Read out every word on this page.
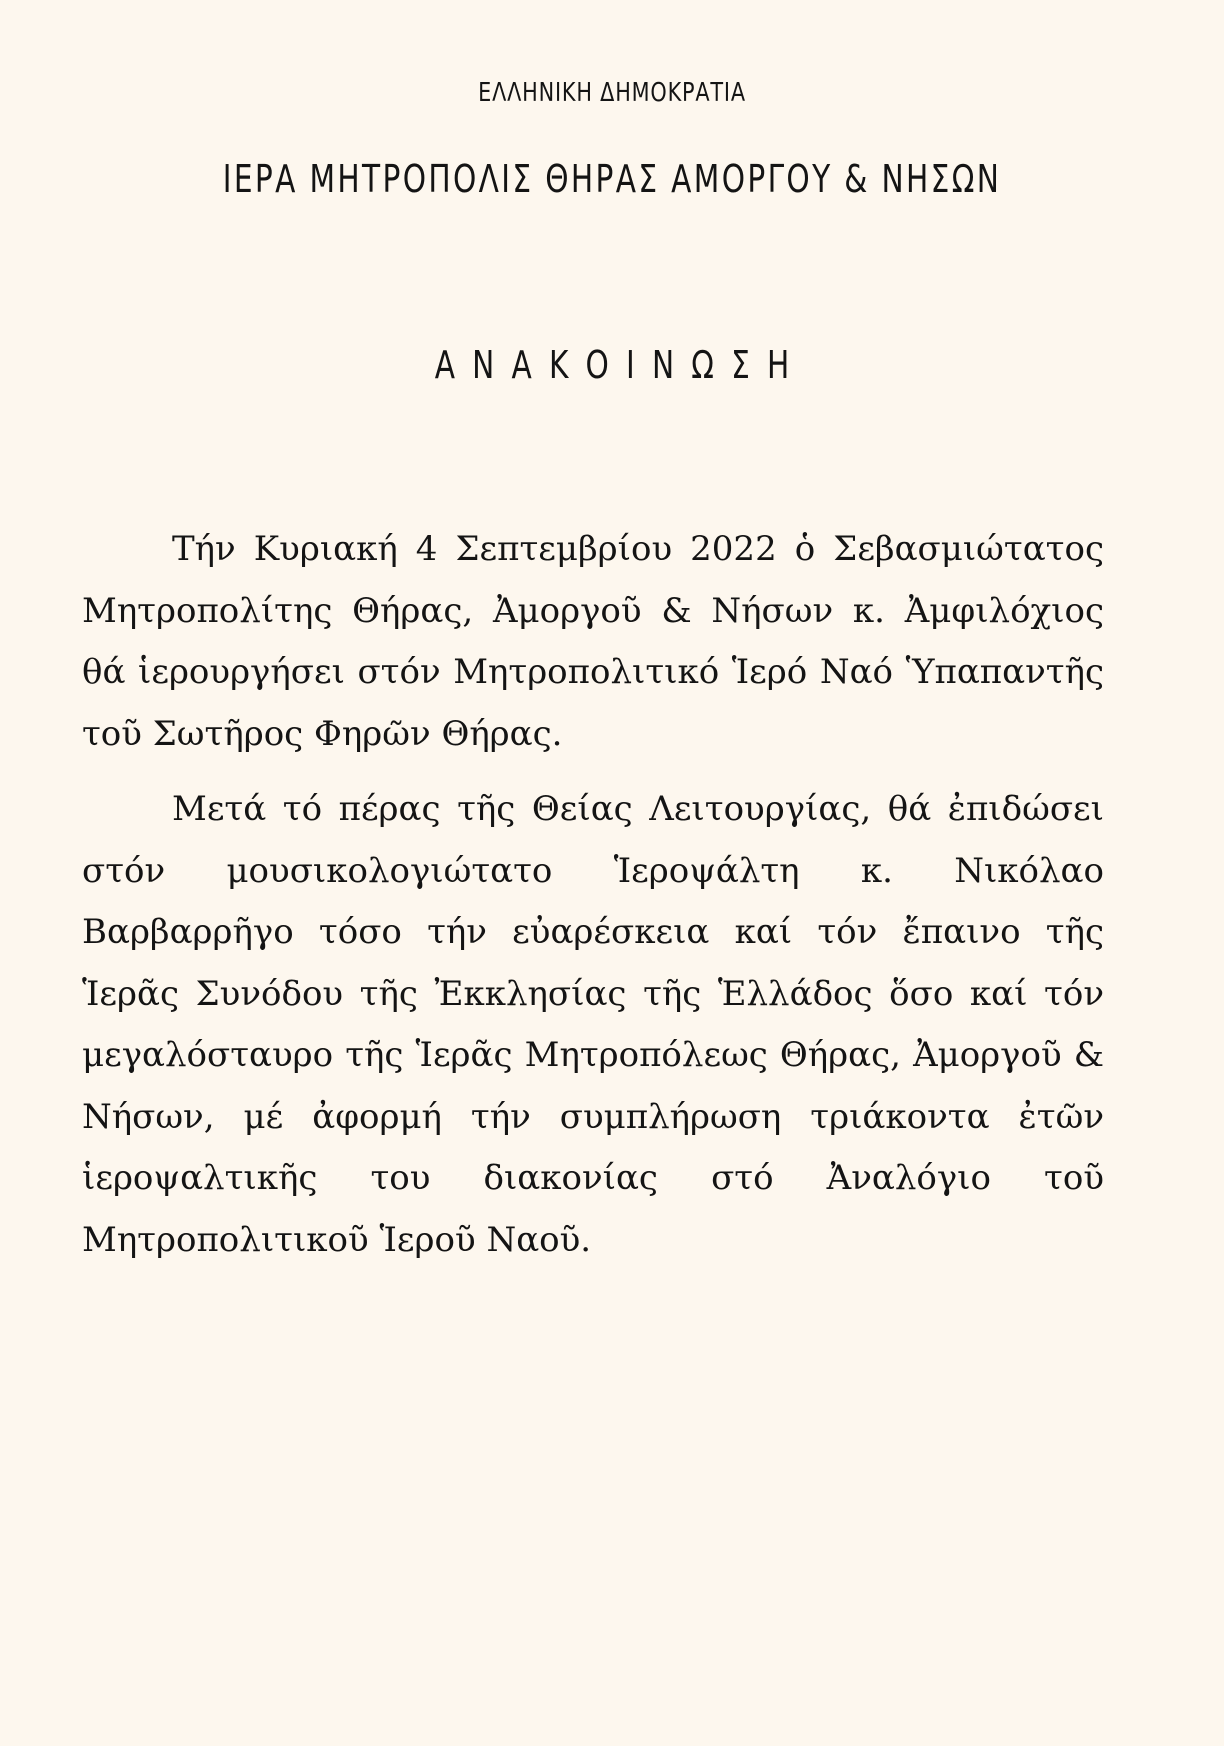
ΕΛΛΗΝΙΚΗ ΔΗΜΟΚΡΑΤΙΑ
ΙΕΡΑ ΜΗΤΡΟΠΟΛΙΣ ΘΗΡΑΣ ΑΜΟΡΓΟΥ & ΝΗΣΩΝ
ΑΝΑΚΟΙΝΩΣΗ

Τήν Κυριακή 4 Σεπτεμβρίου 2022 ὁ Σεβασμιώτατος Μητροπολίτης Θήρας, Ἀμοργοῦ & Νήσων κ. Ἀμφιλόχιος θά ἱερουργήσει στόν Μητροπολιτικό Ἱερό Ναό Ὑπαπαντῆς τοῦ Σωτῆρος Φηρῶν Θήρας.

Μετά τό πέρας τῆς Θείας Λειτουργίας, θά ἐπιδώσει στόν μουσικολογιώτατο Ἱεροψάλτη κ. Νικόλαο Βαρβαρρῆγο τόσο τήν εὐαρέσκεια καί τόν ἔπαινο τῆς Ἱερᾶς Συνόδου τῆς Ἐκκλησίας τῆς Ἑλλάδος ὅσο καί τόν μεγαλόσταυρο τῆς Ἱερᾶς Μητροπόλεως Θήρας, Ἀμοργοῦ & Νήσων, μέ ἀφορμή τήν συμπλήρωση τριάκοντα ἐτῶν ἱεροψαλτικῆς του διακονίας στό Ἀναλόγιο τοῦ Μητροπολιτικοῦ Ἱεροῦ Ναοῦ.
